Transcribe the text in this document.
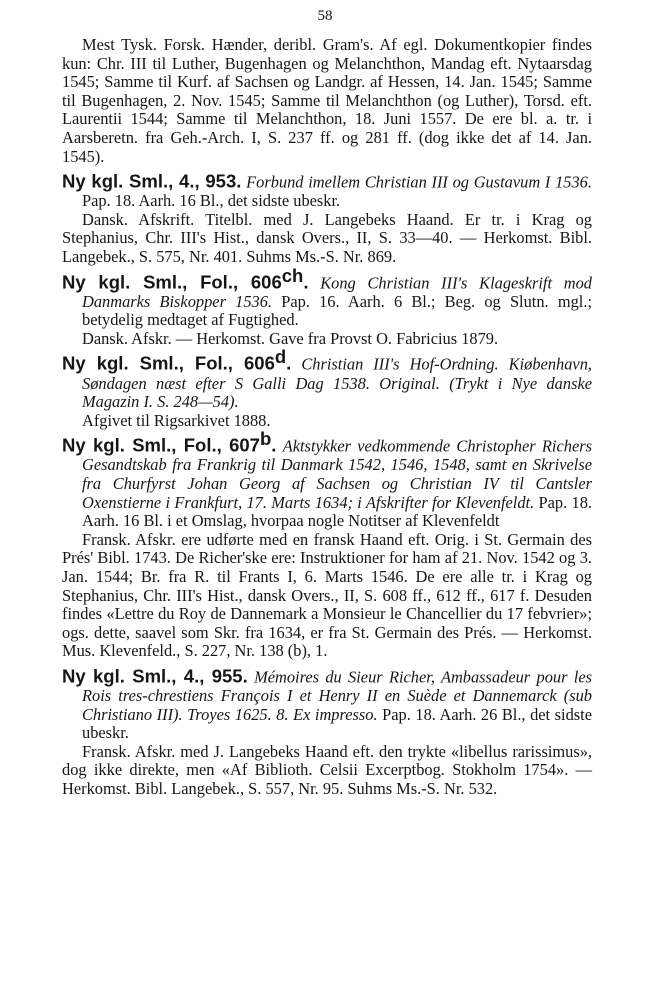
58

Mest Tysk. Forsk. Hænder, deribl. Gram's. Af egl. Dokumentkopier findes kun: Chr. III til Luther, Bugenhagen og Melanchthon, Mandag eft. Nytaarsdag 1545; Samme til Kurf. af Sachsen og Landgr. af Hessen, 14. Jan. 1545; Samme til Bugenhagen, 2. Nov. 1545; Samme til Melanchthon (og Luther), Torsd. eft. Laurentii 1544; Samme til Melanchthon, 18. Juni 1557. De ere bl. a. tr. i Aarsberetn. fra Geh.-Arch. I, S. 237 ff. og 281 ff. (dog ikke det af 14. Jan. 1545).

Ny kgl. Sml., 4., 953. Forbund imellem Christian III og Gustavum I 1536. Pap. 18. Aarh. 16 Bl., det sidste ubeskr.

Dansk. Afskrift. Titelbl. med J. Langebeks Haand. Er tr. i Krag og Stephanius, Chr. III's Hist., dansk Overs., II, S. 33—40. — Herkomst. Bibl. Langebek., S. 575, Nr. 401. Suhms Ms.-S. Nr. 869.

Ny kgl. Sml., Fol., $606^{ch}$. Kong Christian III's Klageskrift mod Danmarks Biskopper 1536. Pap. 16. Aarh. 6 Bl.; Beg. og Slutn. mgl.; betydelig medtaget af Fugtighed.

Dansk. Afskr. — Herkomst. Gave fra Provst O. Fabricius 1879.

Ny kgl. Sml., Fol., 606$^d$. Christian III's Hof-Ordning. Kiøbenhavn, Søndagen næst efter S Galli Dag 1538. Original. (Trykt i Nye danske Magazin I. S. 248—54).

Afgivet til Rigsarkivet 1888.

Ny kgl. Sml., Fol., 607$^b$. Aktstykker vedkommende Christopher Richers Gesandtskab fra Frankrig til Danmark 1542, 1546, 1548, samt en Skrivelse fra Churfyrst Johan Georg af Sachsen og Christian IV til Cantsler Oxenstierne i Frankfurt, 17. Marts 1634; i Afskrifter for Klevenfeldt. Pap. 18. Aarh. 16 Bl. i et Omslag, hvorpaa nogle Notitser af Klevenfeldt

Fransk. Afskr. ere udførte med en fransk Haand eft. Orig. i St. Germain des Prés' Bibl. 1743. De Richer'ske ere: Instruktioner for ham af 21. Nov. 1542 og 3. Jan. 1544; Br. fra R. til Frants I, 6. Marts 1546. De ere alle tr. i Krag og Stephanius, Chr. III's Hist., dansk Overs., II, S. 608 ff., 612 ff., 617 f. Desuden findes «Lettre du Roy de Dannemark a Monsieur le Chancellier du 17 febvrier»; ogs. dette, saavel som Skr. fra 1634, er fra St. Germain des Prés. — Herkomst. Mus. Klevenfeld., S. 227, Nr. 138 (b), 1.

Ny kgl. Sml., 4., 955. Mémoires du Sieur Richer, Ambassadeur pour les Rois tres-chrestiens François I et Henry II en Suède et Dannemarck (sub Christiano III). Troyes 1625. 8. Ex impresso. Pap. 18. Aarh. 26 Bl., det sidste ubeskr.

Fransk. Afskr. med J. Langebeks Haand eft. den trykte «libellus rarissimus», dog ikke direkte, men «Af Biblioth. Celsii Excerptbog. Stokholm 1754». — Herkomst. Bibl. Langebek., S. 557, Nr. 95. Suhms Ms.-S. Nr. 532.
